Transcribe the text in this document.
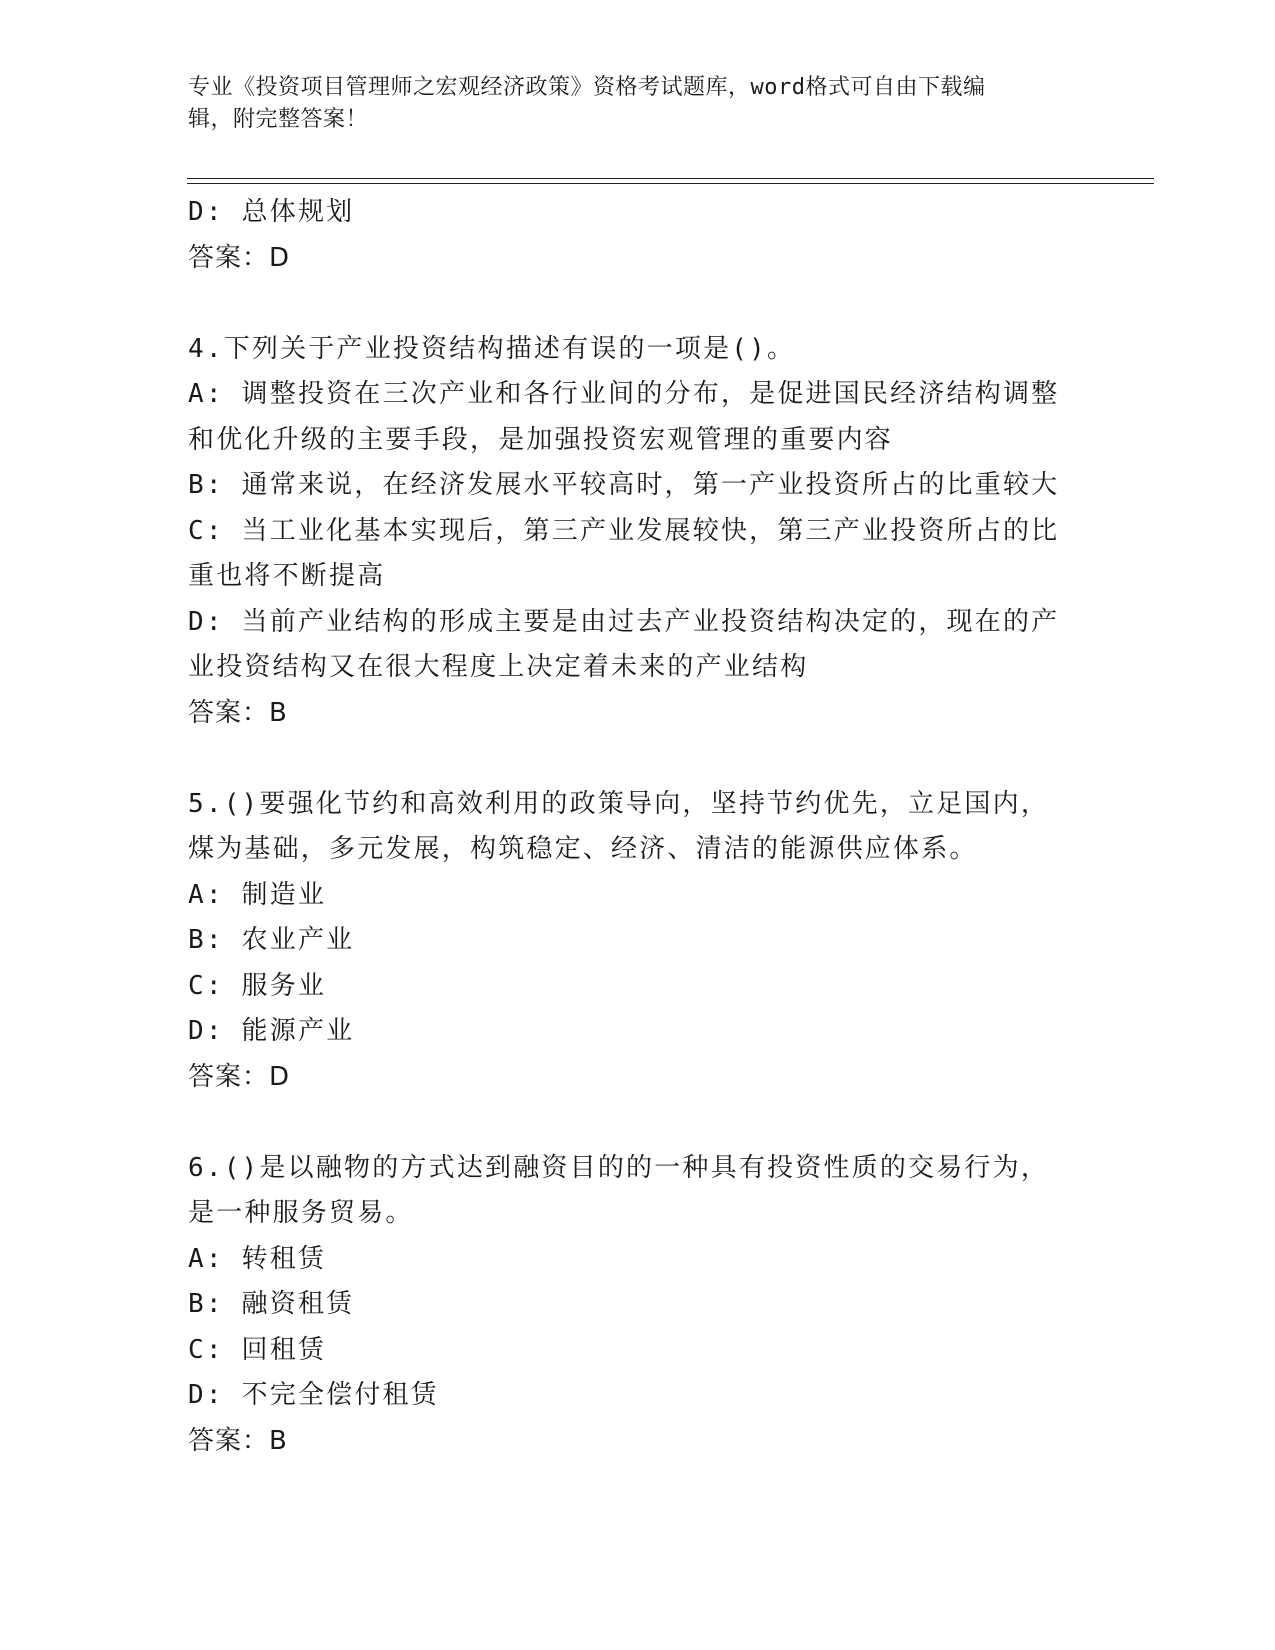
专业《投资项目管理师之宏观经济政策》资格考试题库，word格式可自由下载编
辑，附完整答案！
D: 总体规划
答案：D
4.下列关于产业投资结构描述有误的一项是()。
A: 调整投资在三次产业和各行业间的分布，是促进国民经济结构调整
和优化升级的主要手段，是加强投资宏观管理的重要内容
B: 通常来说，在经济发展水平较高时，第一产业投资所占的比重较大
C: 当工业化基本实现后，第三产业发展较快，第三产业投资所占的比
重也将不断提高
D: 当前产业结构的形成主要是由过去产业投资结构决定的，现在的产
业投资结构又在很大程度上决定着未来的产业结构
答案：B
5.()要强化节约和高效利用的政策导向，坚持节约优先，立足国内，
煤为基础，多元发展，构筑稳定、经济、清洁的能源供应体系。
A: 制造业
B: 农业产业
C: 服务业
D: 能源产业
答案：D
6.()是以融物的方式达到融资目的的一种具有投资性质的交易行为，
是一种服务贸易。
A: 转租赁
B: 融资租赁
C: 回租赁
D: 不完全偿付租赁
答案：B
